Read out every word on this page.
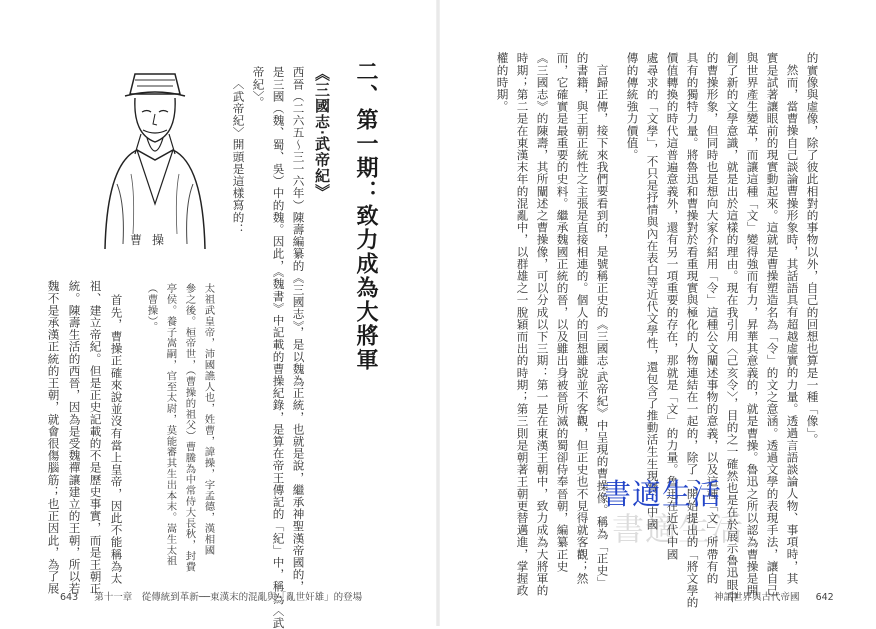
曹操
太祖武皇帝，沛國譙人也，姓曹，諱操，字孟德，漢相國
參之後。桓帝世，（曹操的祖父）曹騰為中常侍大長秋，封費
亭侯。養子嵩嗣，官至太尉，莫能審其生出本末。嵩生太祖
（曹操）。
首先，曹操正確來說並沒有當上皇帝，因此不能稱為太
祖、建立帝紀。但是正史記載的不是歷史事實，而是王朝正
統。陳壽生活的西晉，因為是受魏禪讓建立的王朝，所以若
魏不是承漢正統的王朝，就會很傷腦筋；也正因此，為了展
二、第一期：致力成為大將軍
《三國志‧武帝紀》
西晉（二六五～三一六年）陳壽編纂的《三國志》，是以魏為正統，也就是說，繼承神聖漢帝國的，
是三國（魏、蜀、吳）中的魏。因此，《魏書》中記載的曹操紀錄，是算在帝王傳記的「紀」中，稱為〈武
帝紀〉。
〈武帝紀〉開頭是這樣寫的：
643 第十一章　從傳統到革新──東漢末的混亂與「亂世奸雄」的登場
的實像與虛像，除了彼此相對的事物以外，自己的回想也算是一種「像」。
然而，當曹操自己談論曹操形象時，其話語具有超越虛實的力量。透過言語談論人物、事項時，其
實是試著讓眼前的現實動起來。這就是曹操塑造名為「令」的文之意涵。透過文學的表現手法，讓自己
與世界產生變革，而讓這種「文」變得強而有力，昇華其意義的，就是曹操。魯迅之所以認為曹操是開
創了新的文學意識，就是出於這樣的理由。現在我引用〈己亥令〉，目的之一確然也是在於展示魯迅眼中
的曹操形象，但同時也是想向大家介紹用「令」這種公文闡述事物的意義，以及這種「文」所帶有的
具有的獨特力量。將魯迅和曹操對於看重現實與極化的人物連結在一起的，除了一開始提出的「將文學的
價值轉換的時代這普遍意義外，還有另一項重要的存在，那就是「文」的力量。魯迅在近代中國
處尋求的「文學」，不只是抒情與內在表白等近代文學性，還包含了推動活生生現實、中國
傳的傳統強力價值。
言歸正傳，接下來我們要看到的，是號稱正史的《三國志‧武帝紀》中呈現的曹操像。稱為「正史」
的書籍，與王朝正統性之主張是直接相連的。個人的回想雖說並不客觀，但正史也不見得就客觀；然
而，它確實是最重要的史料。繼承魏國正統的晉，以及雖出身被晉所滅的蜀卻侍奉晉朝，編纂正史
《三國志》的陳壽，其所闡述之曹操像，可以分成以下三期：第一是在東漢王朝中，致力成為大將軍的
時期；第二是在東漢末年的混亂中，以群雄之一脫穎而出的時期；第三則是朝著王朝更替邁進，掌握政
權的時期。
神話世界與古代帝國 642
書適生活
書適生活
